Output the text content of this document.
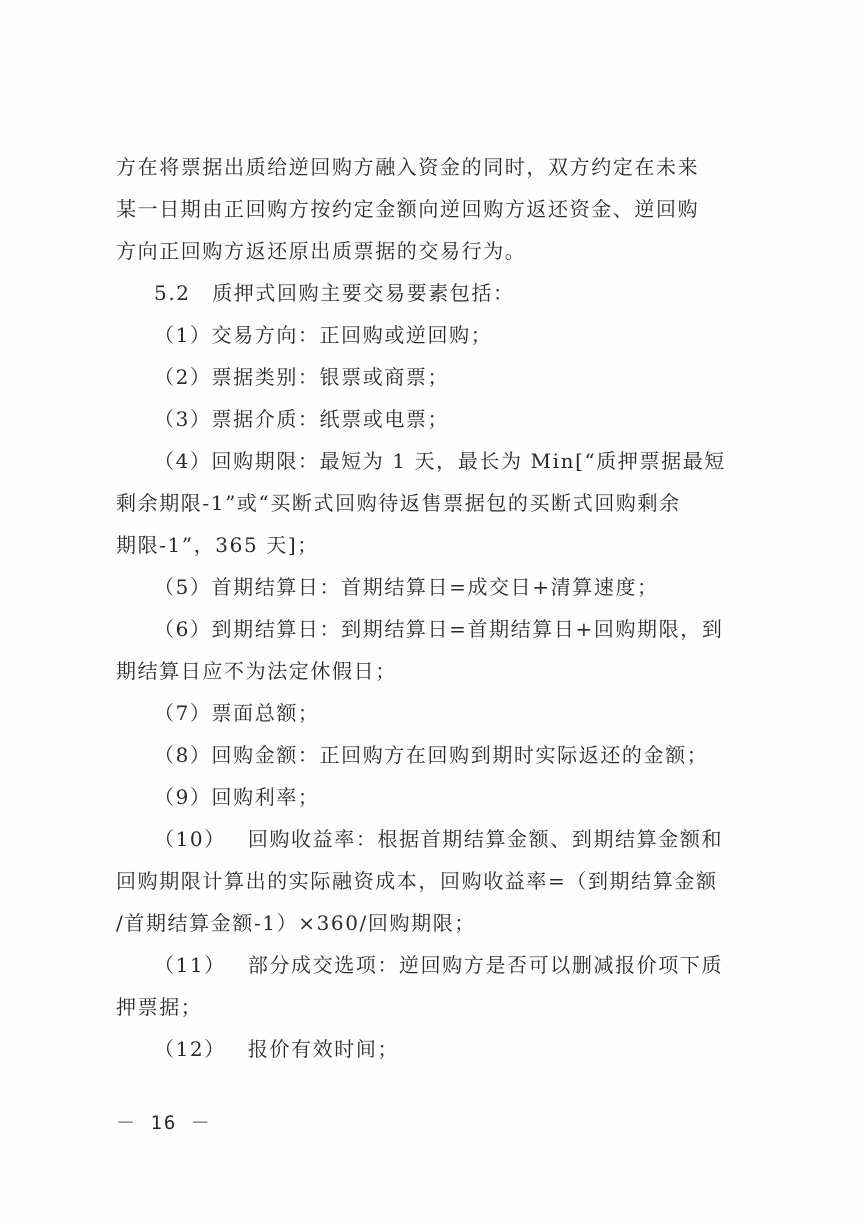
方在将票据出质给逆回购方融入资金的同时，双方约定在未来
某一日期由正回购方按约定金额向逆回购方返还资金、逆回购
方向正回购方返还原出质票据的交易行为。
5.2　质押式回购主要交易要素包括：
（1）交易方向：正回购或逆回购；
（2）票据类别：银票或商票；
（3）票据介质：纸票或电票；
（4）回购期限：最短为 1 天，最长为 Min[“质押票据最短
剩余期限-1”或“买断式回购待返售票据包的买断式回购剩余
期限-1”，365 天]；
（5）首期结算日：首期结算日=成交日+清算速度；
（6）到期结算日：到期结算日=首期结算日+回购期限，到
期结算日应不为法定休假日；
（7）票面总额；
（8）回购金额：正回购方在回购到期时实际返还的金额；
（9）回购利率；
（10） 回购收益率：根据首期结算金额、到期结算金额和
回购期限计算出的实际融资成本，回购收益率=（到期结算金额
/首期结算金额-1）×360/回购期限；
（11） 部分成交选项：逆回购方是否可以删减报价项下质
押票据；
（12） 报价有效时间；
－ 16 －
